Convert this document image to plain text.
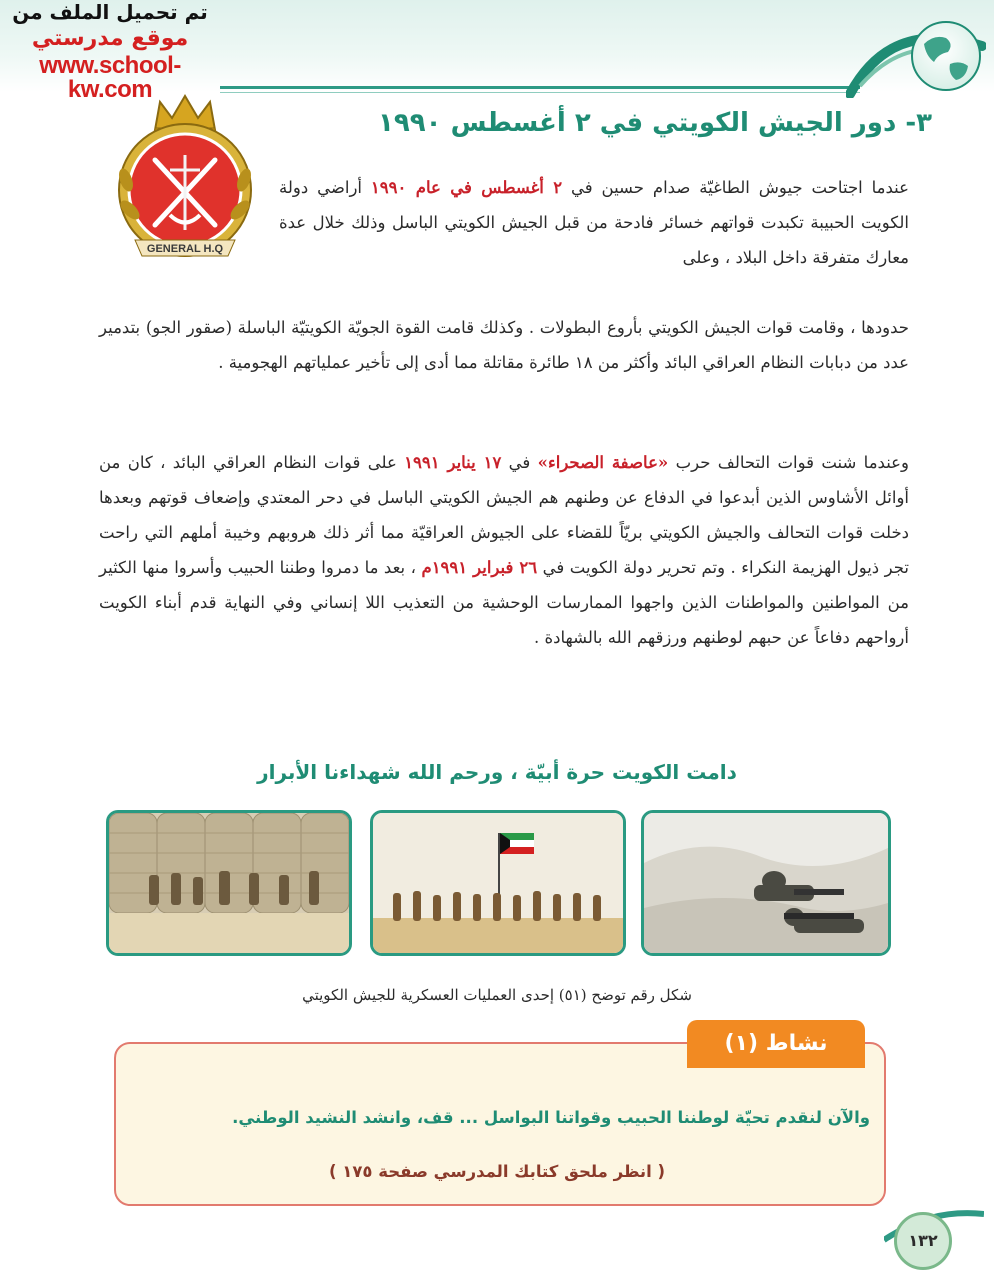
تم تحميل الملف من
موقع مدرستي
www.school-kw.com
GENERAL H.Q
٣- دور الجيش الكويتي في ٢ أغسطس ١٩٩٠
عندما اجتاحت جيوش الطاغيّة صدام حسين في ٢ أغسطس في عام ١٩٩٠ أراضي دولة الكويت الحبيبة تكبدت قواتهم خسائر فادحة من قبل الجيش الكويتي الباسل وذلك خلال عدة معارك متفرقة داخل البلاد ، وعلى
حدودها ، وقامت قوات الجيش الكويتي بأروع البطولات . وكذلك قامت القوة الجويّة الكويتيّة الباسلة (صقور الجو) بتدمير عدد من دبابات النظام العراقي البائد وأكثر من ١٨ طائرة مقاتلة مما أدى إلى تأخير عملياتهم الهجومية .
وعندما شنت قوات التحالف حرب «عاصفة الصحراء» في ١٧ يناير ١٩٩١ على قوات النظام العراقي البائد ، كان من أوائل الأشاوس الذين أبدعوا في الدفاع عن وطنهم هم الجيش الكويتي الباسل في دحر المعتدي وإضعاف قوتهم وبعدها دخلت قوات التحالف والجيش الكويتي بريّاً للقضاء على الجيوش العراقيّة مما أثر ذلك هروبهم وخيبة أملهم التي راحت تجر ذيول الهزيمة النكراء . وتم تحرير دولة الكويت في ٢٦ فبراير ١٩٩١م ، بعد ما دمروا وطننا الحبيب وأسروا منها الكثير من المواطنين والمواطنات الذين واجهوا الممارسات الوحشية من التعذيب اللا إنساني وفي النهاية قدم أبناء الكويت أرواحهم دفاعاً عن حبهم لوطنهم ورزقهم الله بالشهادة .
دامت الكويت حرة أبيّة ، ورحم الله شهداءنا الأبرار
شكل رقم توضح (٥١) إحدى العمليات العسكرية للجيش الكويتي
نشاط (١)
والآن لنقدم تحيّة لوطننا الحبيب وقواتنا البواسل ... قف، وانشد النشيد الوطني.
( انظر ملحق كتابك المدرسي صفحة ١٧٥ )
١٣٢
